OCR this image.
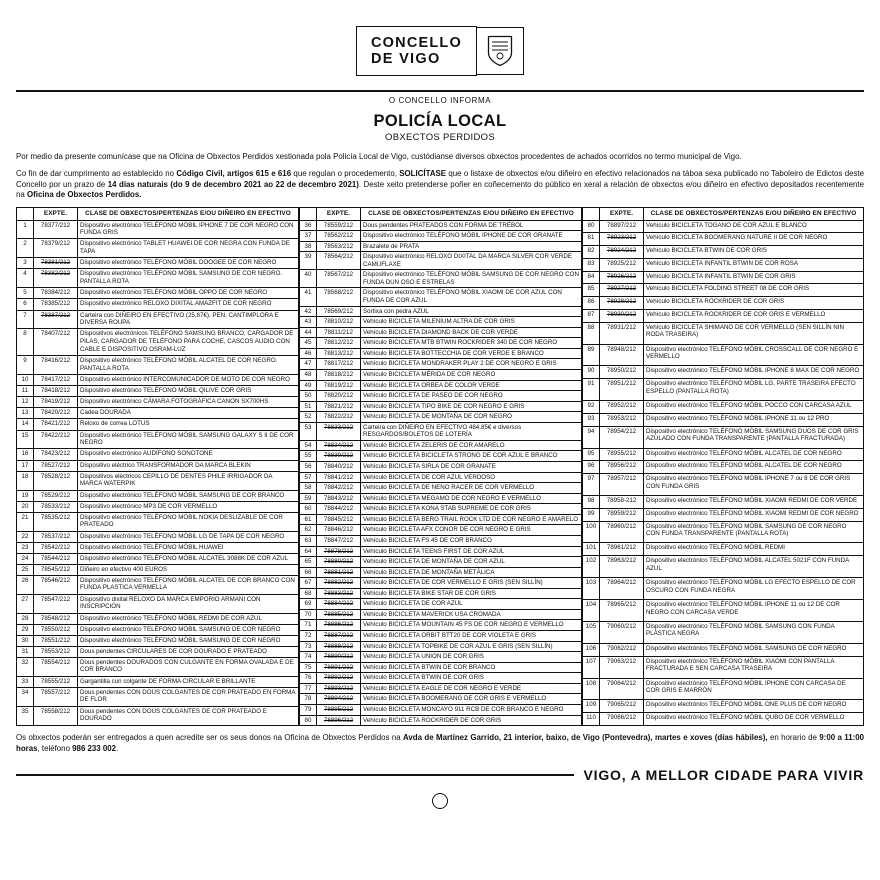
CONCELLO
DE VIGO
O CONCELLO INFORMA
POLICÍA LOCAL
OBXECTOS PERDIDOS
Por medio da presente comunícase que na Oficina de Obxectos Perdidos xestionada pola Policía Local de Vigo, custódianse diversos obxectos procedentes de achados ocorridos no termo municipal de Vigo.
Co fin de dar cumprimento ao establecido no Código Civil, artigos 615 e 616 que regulan o procedemento, SOLICÍTASE que o listaxe de obxectos e/ou diñeiro en efectivo relacionados na táboa sexa publicado no Taboleiro de Edictos deste Concello por un prazo de 14 días naturais (do 9 de decembro 2021 ao 22 de decembro 2021). Deste xeito pretenderse poñer en coñecemento do público en xeral a relación de obxectos e/ou diñeiro en efectivo depositados recentemente na Oficina de Obxectos Perdidos.
	EXPTE.	CLASE DE OBXECTOS/PERTENZAS E/OU DIÑEIRO EN EFECTIVO
1	78377/212	Dispositivo electrónico TELÉFONO MÓBIL IPHONE 7 DE COR NEGRO CON FUNDA GRIS
2	78379/212	Dispositivo electrónico TABLET HUAWEI DE COR NEGRA CON FUNDA DE TAPA
3	78381/212	Dispositivo electrónico TELÉFONO MÓBIL DOOGEE DE COR NEGRO
4	78382/212	Dispositivo electrónico TELÉFONO MÓBIL SAMSUNG DE COR NEGRO. PANTALLA ROTA
5	78384/212	Dispositivo electrónico TELÉFONO MÓBIL OPPO DE COR NEGRO
6	78385/212	Dispositivo electrónico RELOXO DIXITAL AMAZFIT DE COR NEGRO
7	78387/212	Carteira con DIÑEIRO EN EFECTIVO (25,87€). PEN, CANTIMPLORA E DIVERSA ROUPA
8	78407/212	Dispositivos electrónicos TELÉFONO SAMSUNG BRANCO, CARGADOR DE PILAS, CARGADOR DE TELÉFONO PARA COCHE, CASCOS AUDIO CON CABLE E DISPOSITIVO OSRAM-LUZ
9	78416/212	Dispositivo electrónico TELÉFONO MÓBIL ALCATEL DE COR NEGRO. PANTALLA ROTA
10	78417/212	Dispositivo electrónico INTERCOMUNICADOR DE MOTO DE COR NEGRO
11	78418/212	Dispositivo electrónico TELÉFONO MÓBIL QILIVE COR GRIS
12	78419/212	Dispositivo electrónico CÁMARA FOTOGRÁFICA CANON SX700HS
13	78420/212	Cadea DOURADA
14	78421/212	Reloxo de correa LOTUS
15	78422/212	Dispositivo electrónico TELÉFONO MÓBIL SAMSUNG GALAXY S II DE COR NEGRO
16	78423/212	Dispositivo electrónico AUDÍFONO SONOTONE
17	78527/212	Dispositivo eléctrico TRANSFORMADOR DA MARCA BLEKIN
18	78528/212	Dispositivos eléctricos CEPILLO DE DENTES PHILE IRRIGADOR DA MARCA WATERPIK
19	78529/212	Dispositivo electrónico TELÉFONO MÓBIL SAMSUNG DE COR BRANCO
20	78533/212	Dispositivo electrónico MP3 DE COR VERMELLO
21	78535/212	Dispositivo electrónico TELÉFONO MÓBIL NOKIA DESLIZABLE DE COR PRATEADO
22	78537/212	Dispositivo electrónico TELÉFONO MÓBIL LG DE TAPA DE COR NEGRO
23	78542/212	Dispositivo electrónico TELÉFONO MÓBIL HUAWEI
24	78544/212	Dispositivo electrónico TELÉFONO MÓBIL ALCATEL 3088K DE COR AZUL
25	78545/212	Diñeiro en efectivo 400 EUROS
26	78546/212	Dispositivo electrónico TELÉFONO MÓBIL ALCATEL DE COR BRANCO CON FUNDA PLASTICA VERMELLA
27	78547/212	Dispositivo dixital RELOXO DA MARCA EMPORIO ARMANI CON INSCRIPCIÓN
28	78548/212	Dispositivo electrónico TELÉFONO MÓBIL REDMI DE COR AZUL
29	78550/212	Dispositivo electrónico TELÉFONO MÓBIL SAMSUNG DE COR NEGRO
30	78551/212	Dispositivo electrónico TELÉFONO MÓBIL SAMSUNG DE COR NEGRO
31	78553/212	Dous pendentes CIRCULARES DE COR DOURADO E PRATEADO
32	78554/212	Dous pendentes DOURADOS CON CULGANTE EN FORMA OVALADA E DE COR BRANCO
33	78555/212	Gargantilla cun colgante DE FORMA CIRCULAR E BRILLANTE
34	78557/212	Dous pendentes CON DOUS COLGANTES DE COR PRATEADO EN FORMA DE FLOR
35	78558/212	Dous pendentes CON DOUS COLGANTES DE COR PRATEADO E DOURADO
	EXPTE.	CLASE DE OBXECTOS/PERTENZAS E/OU DIÑEIRO EN EFECTIVO
36	78559/212	Dous pendentes PRATEADOS CON FORMA DE TRÉBOL
37	78562/212	Dispositivo electrónico TELÉFONO MÓBIL IPHONE DE COR GRANATE
38	78563/212	Brazalete de PRATA
39	78564/212	Dispositivo electrónico RELOXO DIXITAL DA MARCA SILVER COR VERDE CAMUFLAXE
40	78567/212	Dispositivo electrónico TELÉFONO MÓBIL SAMSUNG DE COR NEGRO CON FUNDA DUN OSO E ESTRELAS
41	78568/212	Dispositivo electrónico TELÉFONO MÓBIL XIAOMI DE COR AZUL CON FUNDA DE COR AZUL
42	78569/212	Sortixa con pedra AZUL
43	78810/212	Vehículo BICICLETA MILENIUM ALTRA DE COR GRIS
44	78811/212	Vehículo BICICLETA DIAMOND BACK DE COR VERDE
45	78812/212	Vehículo BICICLETA MTB BTWIN ROCKRIDER 340 DE COR NEGRO
46	78813/212	Vehículo BICICLETA BOTTECCHIA DE COR VERDE E BRANCO
47	78817/212	Vehículo BICICLETA MONDRAKER PLAY 2 DE COR NEGRO E GRIS
48	78818/212	Vehículo BICICLETA MÉRIDA DE COR NEGRO
49	78819/212	Vehículo BICICLETA ORBEA DE COLOR VERDE
50	78820/212	Vehículo BICICLETA DE PASEO DE COR NEGRO
51	78821/212	Vehículo BICICLETA TIPO BIKE DE COR NEGRO E GRIS
52	78822/212	Vehículo BICICLETA DE MONTAÑA DE COR NEGRO
53	78833/212	Carteira con DIÑEIRO EN EFECTIVO 484,85€ e diversos RESGARDOS/BOLETOS DE LOTERÍA
54	78834/212	Vehículo BICICLETA ZELERIS DE COR AMARELO
55	78839/212	Vehículo BICICLETA BICICLETA STRONG DE COR AZUL E BRANCO
56	78840/212	Vehículo BICICLETA SIRLA DE COR GRANATE
57	78841/212	Vehículo BICICLETA DE COR AZUL VERDOSO
58	78842/212	Vehículo BICICLETA DE NENO RACER DE COR VERMELLO
59	78843/212	Vehículo BICICLETA MEGAMO DE COR NEGRO E VERMELLO
60	78844/212	Vehículo BICICLETA KONA STAB SUPREME DE COR GRIS
61	78845/212	Vehículo BICICLETA BERG TRAIL ROCK LTD DE COR NEGRO E AMARELO
62	78846/212	Vehículo BICICLETA AFX CONOR DE COR NEGRO E GRIS
63	78847/212	Vehículo BICICLETA FS 45 DE COR BRANCO
64	78878/212	Vehículo BICICLETA TEENS FIRST DE COR AZUL
65	78880/212	Vehículo BICICLETA DE MONTAÑA DE COR AZUL
66	78881/212	Vehículo BICICLETA DE MONTAÑA METÁLICA
67	78882/212	Vehículo BICICLETA DE COR VERMELLO E GRIS (SEN SILLÍN)
68	78883/212	Vehículo BICICLETA BIKE STAR DE COR GRIS
69	78884/212	Vehículo BICICLETA DE COR AZUL
70	78885/212	Vehículo BICICLETA MAVERICK USA CROMADA
71	78886/212	Vehículo BICICLETA MOUNTAIN 45 FS DE COR NEGRO E VERMELLO
72	78887/212	Vehículo BICICLETA ORBIT BTT20 DE COR VIOLETA E GRIS
73	78888/212	Vehículo BICICLETA TOPBIKE DE COR AZUL E GRIS (SEN SILLÍN)
74	78890/212	Vehículo BICICLETA UNION DE COR GRIS
75	78891/212	Vehículo BICICLETA BTWIN DE COR BRANCO
76	78892/212	Vehículo BICICLETA BTWIN DE COR GRIS
77	78893/212	Vehículo BICICLETA EAGLE DE COR NEGRO E VERDE
78	78894/212	Vehículo BICICLETA BOOMERANG DE COR GRIS E VERMELLO
79	78895/212	Vehículo BICICLETA MONCAYO 911 RCB DE COR BRANCO E NEGRO
80	78896/212	Vehículo BICICLETA ROCKRIDER DE COR GRIS
	EXPTE.	CLASE DE OBXECTOS/PERTENZAS E/OU DIÑEIRO EN EFECTIVO
80	78897/212	Vehículo BICICLETA TOGANO DE COR AZUL E BLANCO
81	78923/212	Vehículo BICICLETA BOOMERANG NATURE II DE COR NEGRO
82	78924/212	Vehículo BICICLETA BTWIN DE COR GRIS
83	78925/212	Vehículo BICICLETA INFANTIL BTWIN DE COR ROSA
84	78926/212	Vehículo BICICLETA INFANTIL BTWIN DE COR GRIS
85	78927/212	Vehículo BICICLETA FOLDING STREET 08 DE COR GRIS
86	78928/212	Vehículo BICICLETA ROCKRIDER DE COR GRIS
87	78930/212	Vehículo BICICLETA ROCKRIDER DE COR GRIS E VERMELLO
88	78931/212	Vehículo BICICLETA SHIMANO DE COR VERMELLO (SEN SILLÍN NIN RODA TRASEIRA)
89	78948/212	Dispositivo electrónico TELÉFONO MÓBIL CROSSCALL DE COR NEGRO E VERMELLO
90	78950/212	Dispositivo electrónico TELÉFONO MÓBIL IPHONE 8 MAX DE COR NEGRO
91	78951/212	Dispositivo electrónico TELÉFONO MÓBIL LG, PARTE TRASEIRA EFECTO ESPELLO (PANTALLA ROTA)
92	78952/212	Dispositivo electrónico TELÉFONO MÓBIL POCCO CON CARCASA AZUL
93	78953/212	Dispositivo electrónico TELÉFONO MÓBIL IPHONE 11 ou 12 PRO
94	78954/212	Dispositivo electrónico TELÉFONO MÓBIL SAMSUNG DUOS DE COR GRIS AZULADO CON FUNDA TRANSPARENTE (PANTALLA FRACTURADA)
95	78955/212	Dispositivo electrónico TELÉFONO MÓBIL ALCATEL DE COR NEGRO
96	78956/212	Dispositivo electrónico TELÉFONO MÓBIL ALCATEL DE COR NEGRO
97	78957/212	Dispositivo electrónico TELÉFONO MÓBIL IPHONE 7 ou 8 DE COR GRIS CON FUNDA GRIS
98	78958-212	Dispositivo electrónico TELÉFONO MÓBIL XIAOMI REDMI DE COR VERDE
99	78959/212	Dispositivo electrónico TELÉFONO MÓBIL XIAOMI REDMI DE COR NEGRO
100	78960/212	Dispositivo electrónico TELÉFONO MÓBIL SAMSUNG DE COR NEGRO CON FUNDA TRANSPARENTE (PANTALLA ROTA)
101	78961/212	Dispositivo electrónico TELÉFONO MÓBIL REDMI
102	78963/212	Dispositivo electrónico TELÉFONO MÓBIL ALCATEL 5021F CON FUNDA AZUL
103	78964/212	Dispositivo electrónico TELÉFONO MÓBIL LG EFECTO ESPELLO DE COR OSCURO CON FUNDA NEGRA
104	78965/212	Dispositivo electrónico TELÉFONO MÓBIL IPHONE 11 ou 12 DE COR NEGRO CON CARCASA VERDE
105	79060/212	Dispositivo electrónico TELÉFONO MÓBIL SAMSUNG CON FUNDA PLÁSTICA NEGRA
106	79062/212	Dispositivo electrónico TELÉFONO MÓBIL SAMSUNG DE COR NEGRO
107	79063/212	Dispositivo electrónico TELÉFONO MÓBIL XIAOMI CON PANTALLA FRACTURADA E SEN CARCASA TRASEIRA
108	79064/212	Dispositivo electrónico TELÉFONO MÓBIL IPHONE CON CARCASA DE COR GRIS E MARRÓN
109	79065/212	Dispositivo electrónico TELÉFONO MÓBIL ONE PLUS DE COR NEGRO
110	79066/212	Dispositivo electrónico TELÉFONO MÓBIL QUBO DE COR VERMELLO
Os obxectos poderán ser entregados a quen acredite ser os seus donos na Oficina de Obxectos Perdidos na Avda de Martínez Garrido, 21 interior, baixo, de Vigo (Pontevedra), martes e xoves (días hábiles), en horario de 9:00 a 11:00 horas, teléfono 986 233 002.
VIGO, A MELLOR CIDADE PARA VIVIR
